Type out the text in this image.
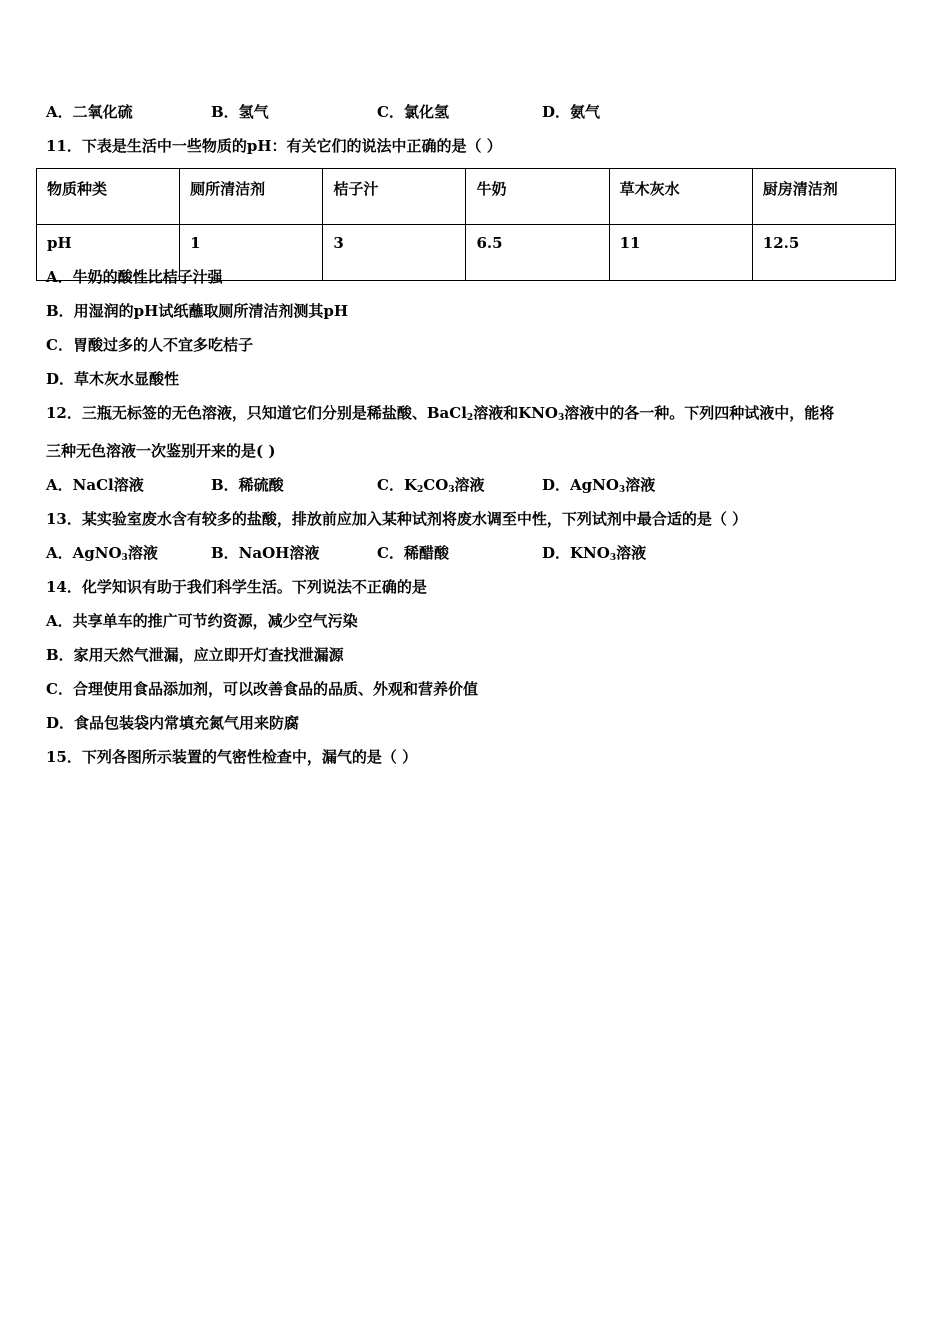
A．二氧化硫	B．氢气	C．氯化氢	D．氨气
11．下表是生活中一些物质的pH：有关它们的说法中正确的是（ ）
物质种类	厕所清洁剂	桔子汁	牛奶	草木灰水	厨房清洁剂
pH	1	3	6.5	11	12.5
A．牛奶的酸性比桔子汁强
B．用湿润的pH试纸蘸取厕所清洁剂测其pH
C．胃酸过多的人不宜多吃桔子
D．草木灰水显酸性
12．三瓶无标签的无色溶液，只知道它们分别是稀盐酸、BaCl$_2$溶液和$KNO_3$溶液中的各一种。下列四种试液中，能将
三种无色溶液一次鉴别开来的是( )
A．NaCl溶液	B．稀硫酸	C．$K_2CO_3$溶液	D．AgNO$_3$溶液
13．某实验室废水含有较多的盐酸，排放前应加入某种试剂将废水调至中性，下列试剂中最合适的是（ ）
A．AgNO$_3$溶液	B．NaOH溶液	C．稀醋酸	D．$KNO_3$溶液
14．化学知识有助于我们科学生活。下列说法不正确的是
A．共享单车的推广可节约资源，减少空气污染
B．家用天然气泄漏，应立即开灯查找泄漏源
C．合理使用食品添加剂，可以改善食品的品质、外观和营养价值
D．食品包装袋内常填充氮气用来防腐
15．下列各图所示装置的气密性检查中，漏气的是（ ）
